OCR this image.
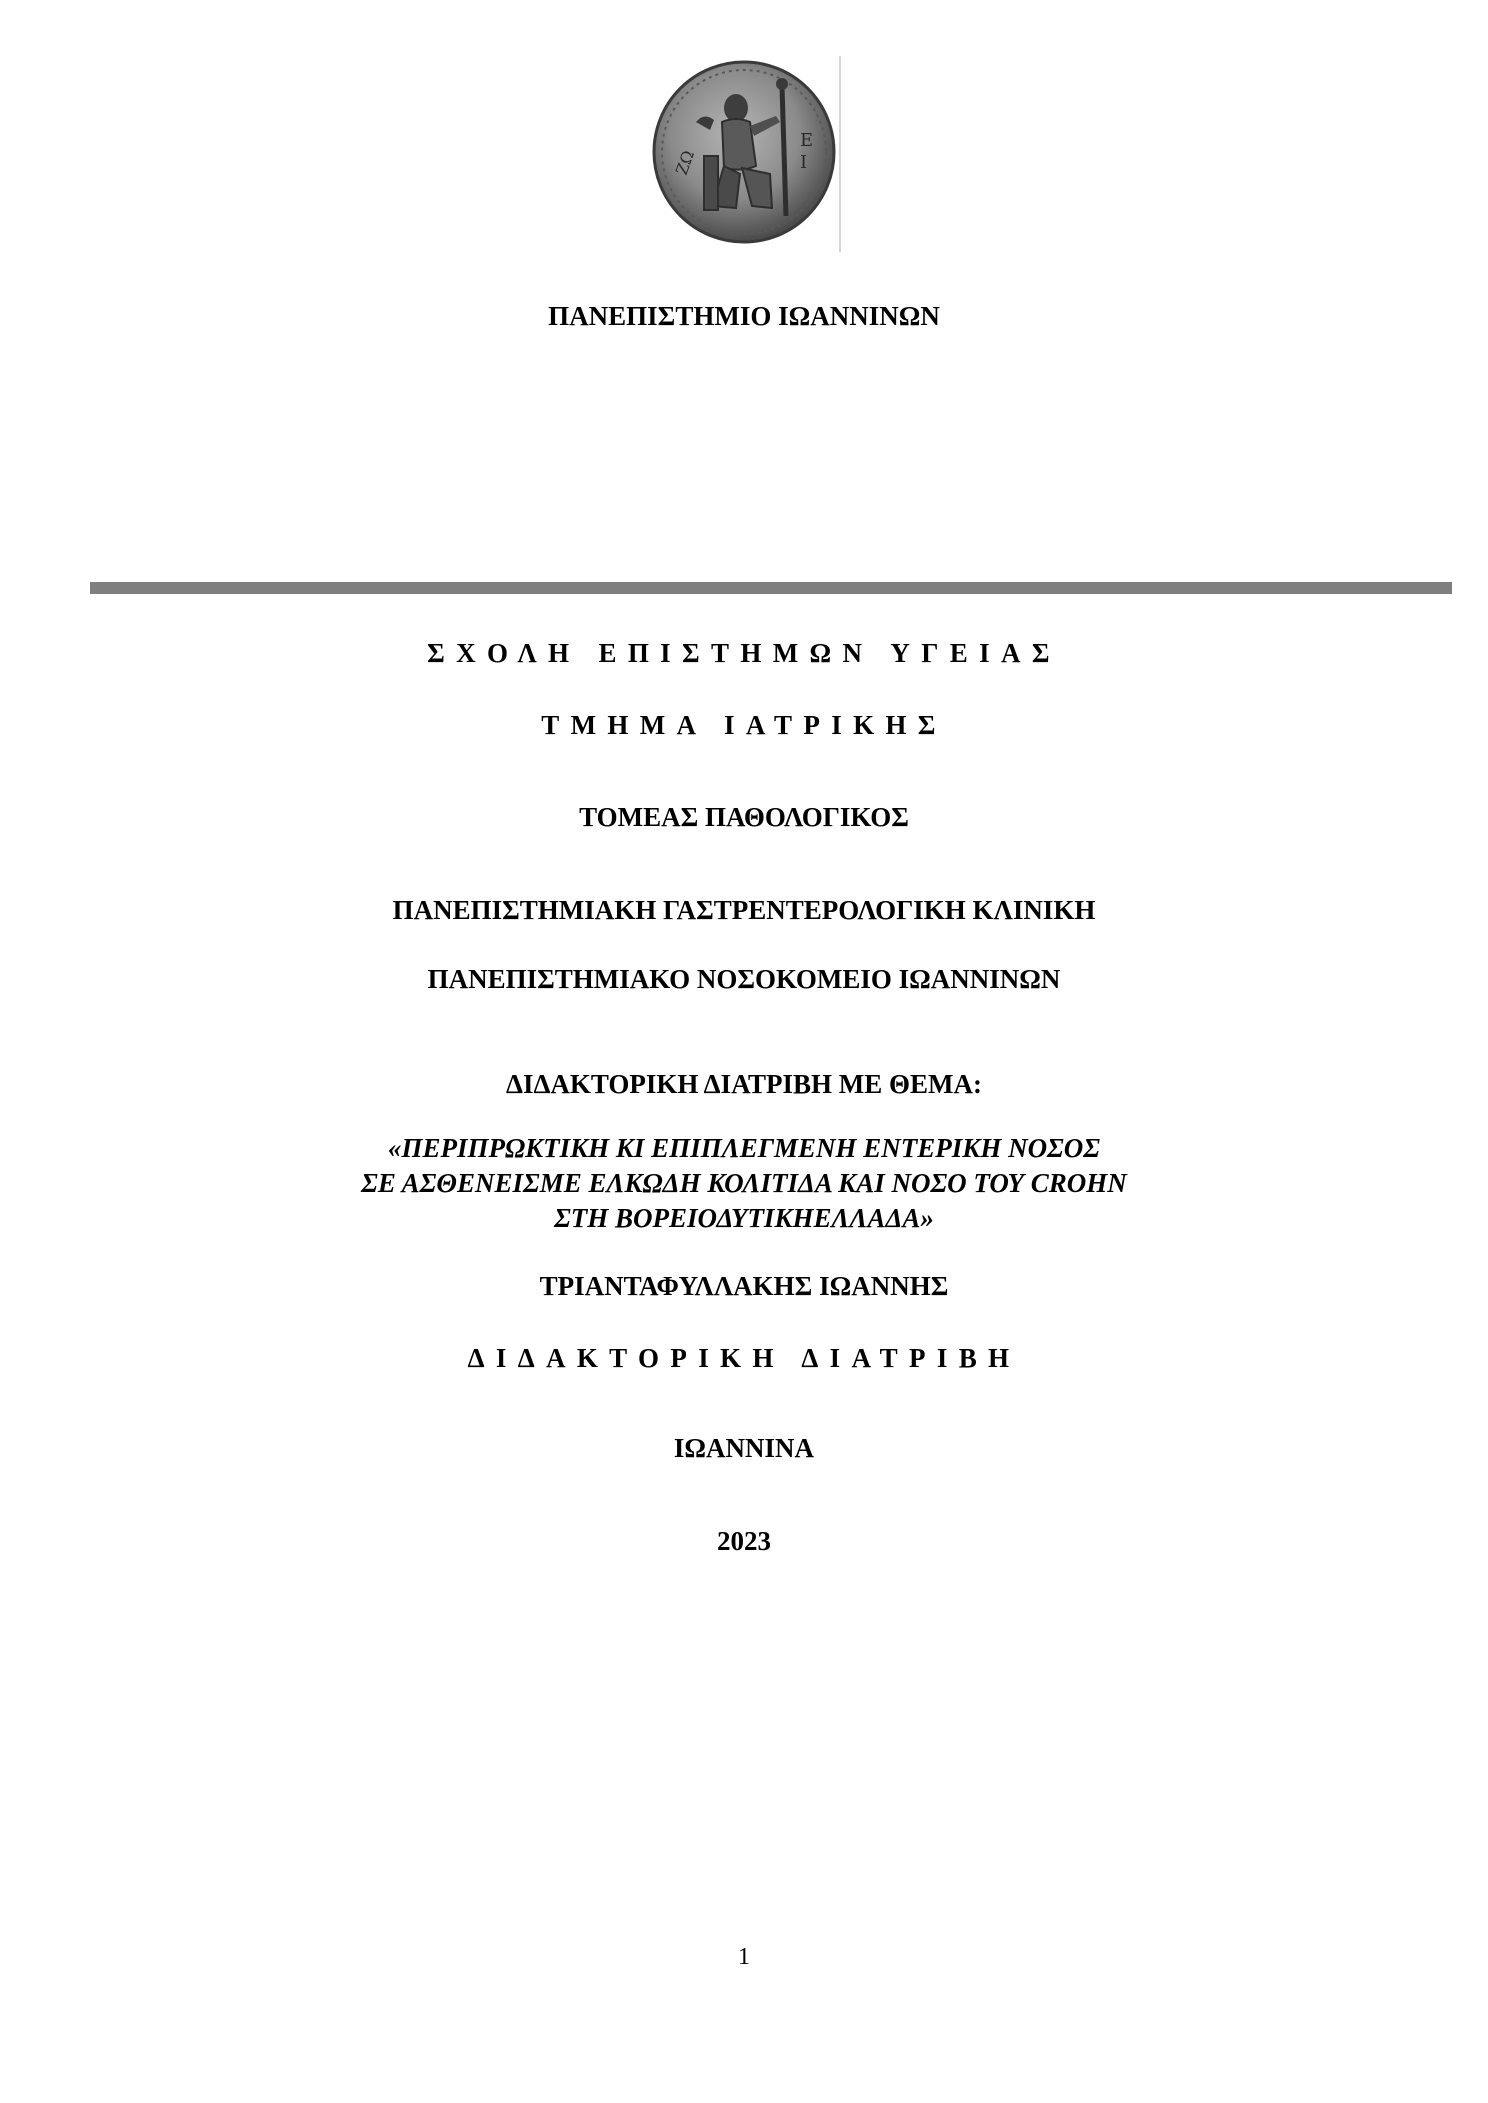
Ε
Ι
ΖΩ
ΠΑΝΕΠΙΣΤΗΜΙΟ ΙΩΑΝΝΙΝΩΝ
ΣΧΟΛΗ ΕΠΙΣΤΗΜΩΝ ΥΓΕΙΑΣ
ΤΜΗΜΑ ΙΑΤΡΙΚΗΣ
ΤΟΜΕΑΣ ΠΑΘΟΛΟΓΙΚΟΣ
ΠΑΝΕΠΙΣΤΗΜΙΑΚΗ ΓΑΣΤΡΕΝΤΕΡΟΛΟΓΙΚΗ ΚΛΙΝΙΚΗ
ΠΑΝΕΠΙΣΤΗΜΙΑΚΟ ΝΟΣΟΚΟΜΕΙΟ ΙΩΑΝΝΙΝΩΝ
ΔΙΔΑΚΤΟΡΙΚΗ ΔΙΑΤΡΙΒΗ ΜΕ ΘΕΜΑ:
«ΠΕΡΙΠΡΩΚΤΙΚΗ ΚΙ ΕΠΙΠΛΕΓΜΕΝΗ ΕΝΤΕΡΙΚΗ ΝΟΣΟΣ
ΣΕ ΑΣΘΕΝΕΙΣΜΕ ΕΛΚΩΔΗ ΚΟΛΙΤΙΔΑ ΚΑΙ ΝΟΣΟ ΤΟΥ CROHN
ΣΤΗ ΒΟΡΕΙΟΔΥΤΙΚΗΕΛΛΑΔΑ»
ΤΡΙΑΝΤΑΦΥΛΛΑΚΗΣ ΙΩΑΝΝΗΣ
ΔΙΔΑΚΤΟΡΙΚΗ ΔΙΑΤΡΙΒΗ
ΙΩΑΝΝΙΝΑ
2023
1
